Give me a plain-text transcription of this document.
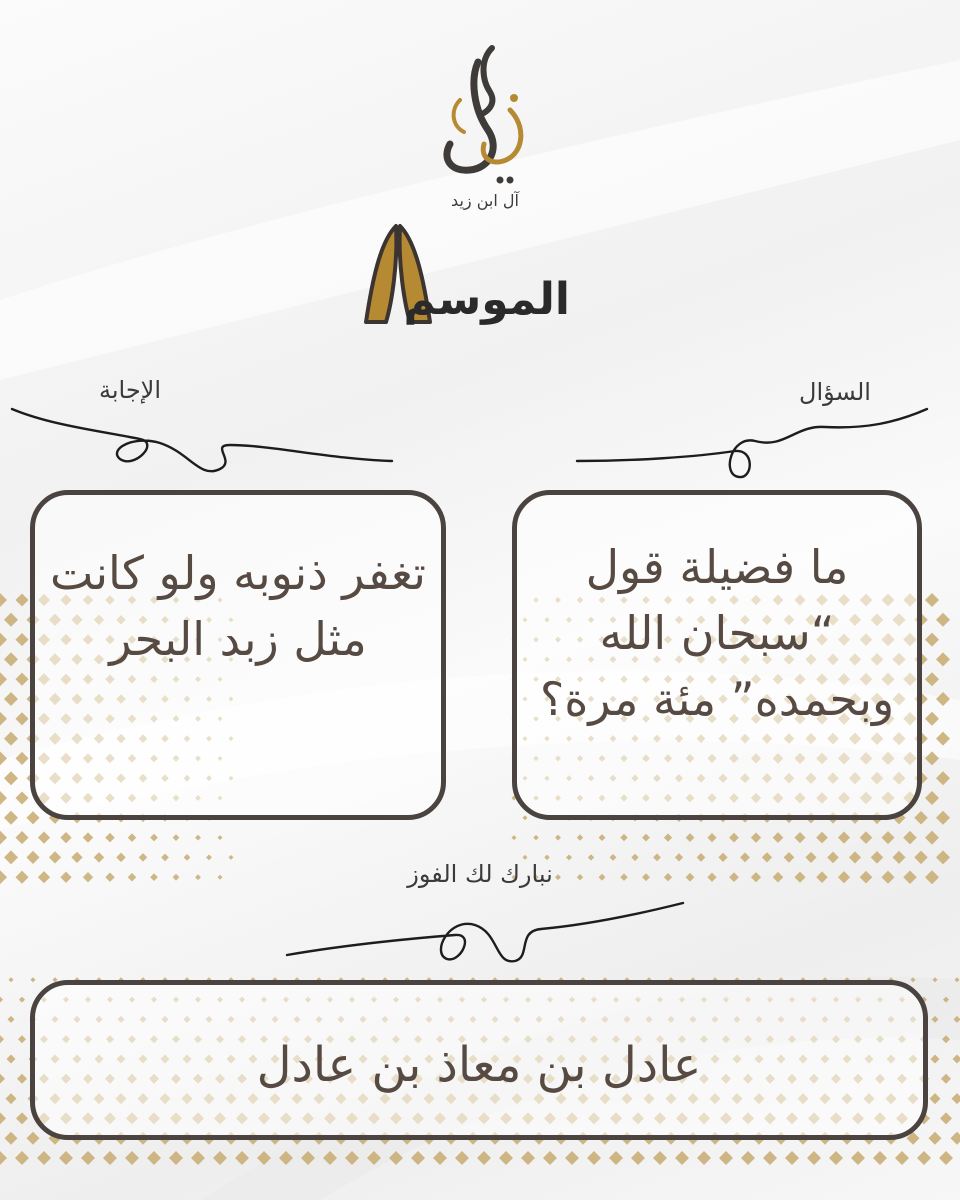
آل ابن زيد
الموسم
السؤال
الإجابة
ما فضيلة قول “سبحان الله وبحمده” مئة مرة؟
تغفر ذنوبه ولو كانت مثل زبد البحر
نبارك لك الفوز
عادل بن معاذ بن عادل
